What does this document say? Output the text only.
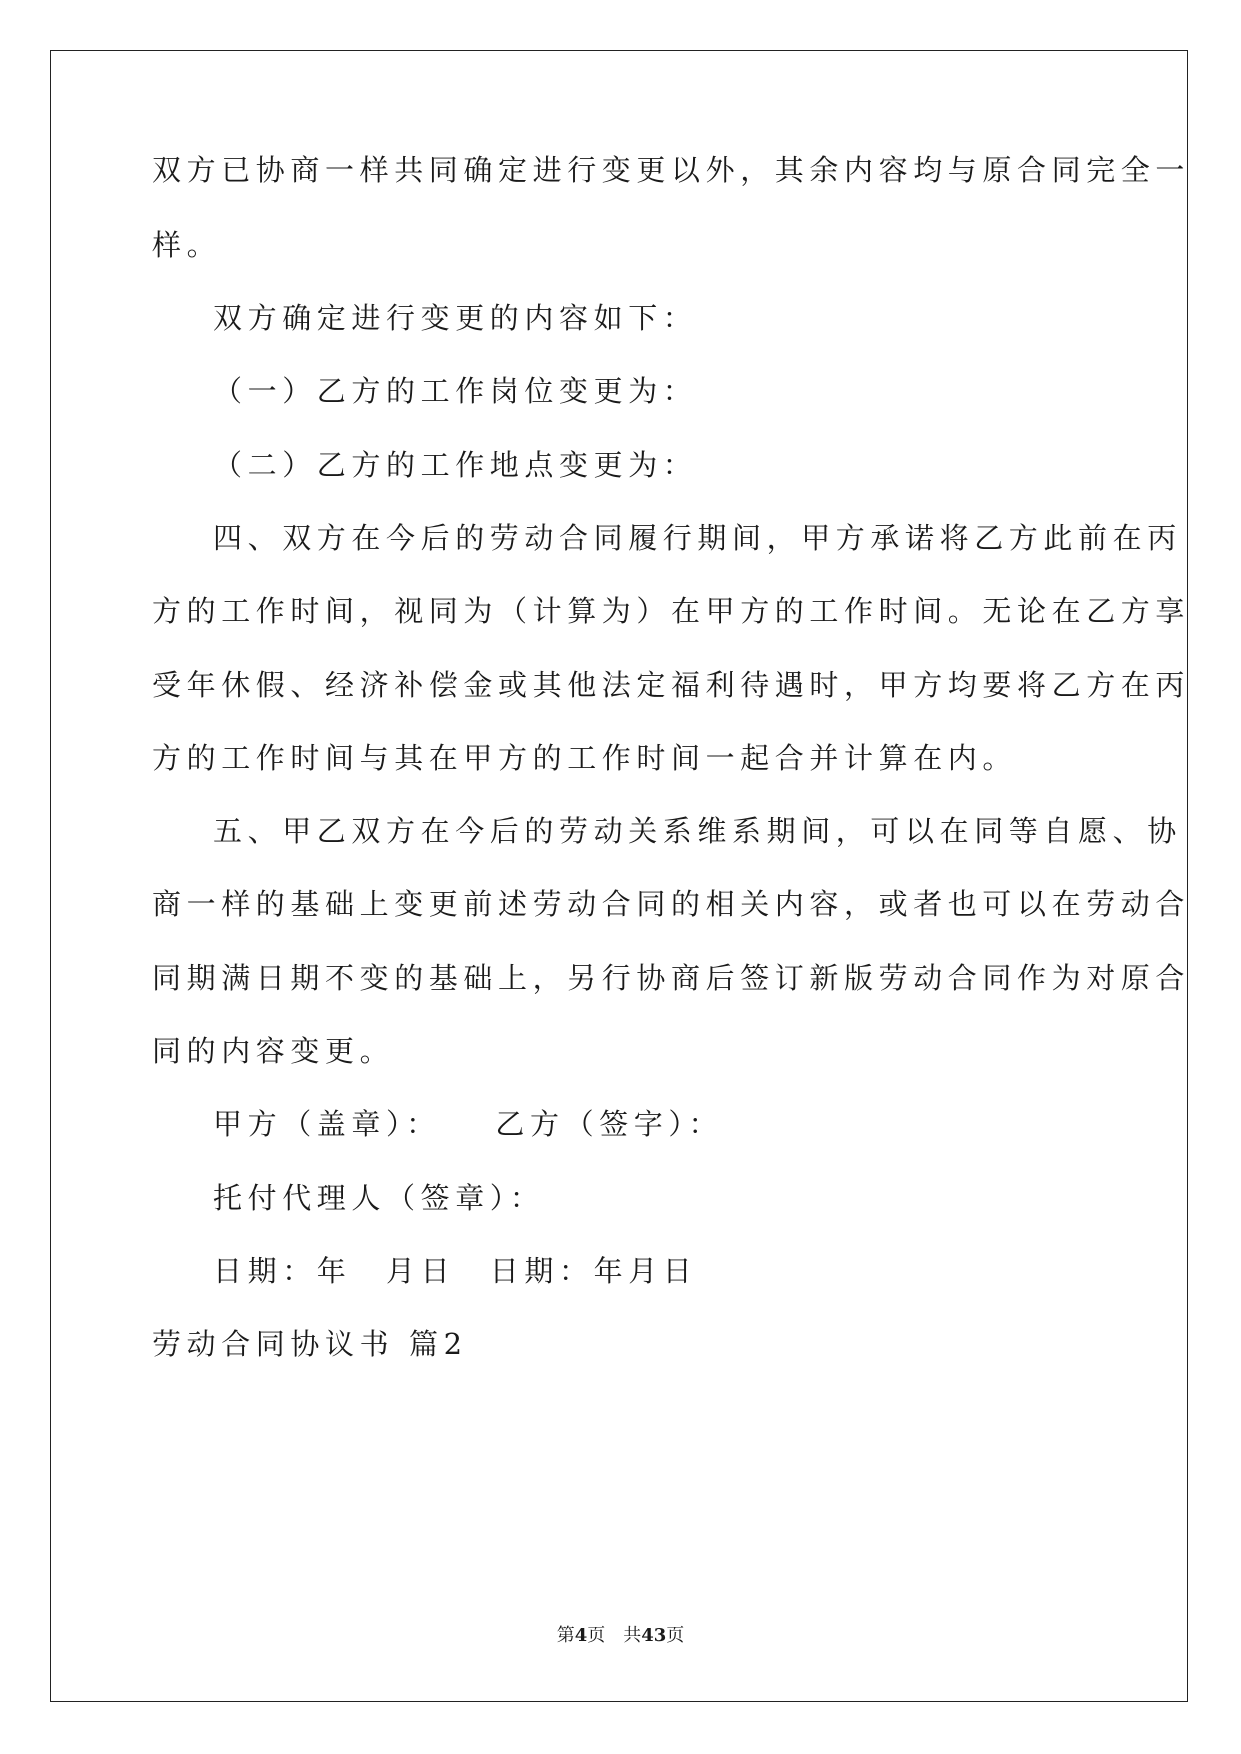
双方已协商一样共同确定进行变更以外，其余内容均与原合同完全一

样。

双方确定进行变更的内容如下：

（一）乙方的工作岗位变更为：

（二）乙方的工作地点变更为：

四、双方在今后的劳动合同履行期间，甲方承诺将乙方此前在丙

方的工作时间，视同为（计算为）在甲方的工作时间。无论在乙方享

受年休假、经济补偿金或其他法定福利待遇时，甲方均要将乙方在丙

方的工作时间与其在甲方的工作时间一起合并计算在内。

五、甲乙双方在今后的劳动关系维系期间，可以在同等自愿、协

商一样的基础上变更前述劳动合同的相关内容，或者也可以在劳动合

同期满日期不变的基础上，另行协商后签订新版劳动合同作为对原合

同的内容变更。

甲方（盖章）：　　乙方（签字）：

托付代理人（签章）：

日期：年　月日　日期：年月日

劳动合同协议书 篇2

第4页　共43页
